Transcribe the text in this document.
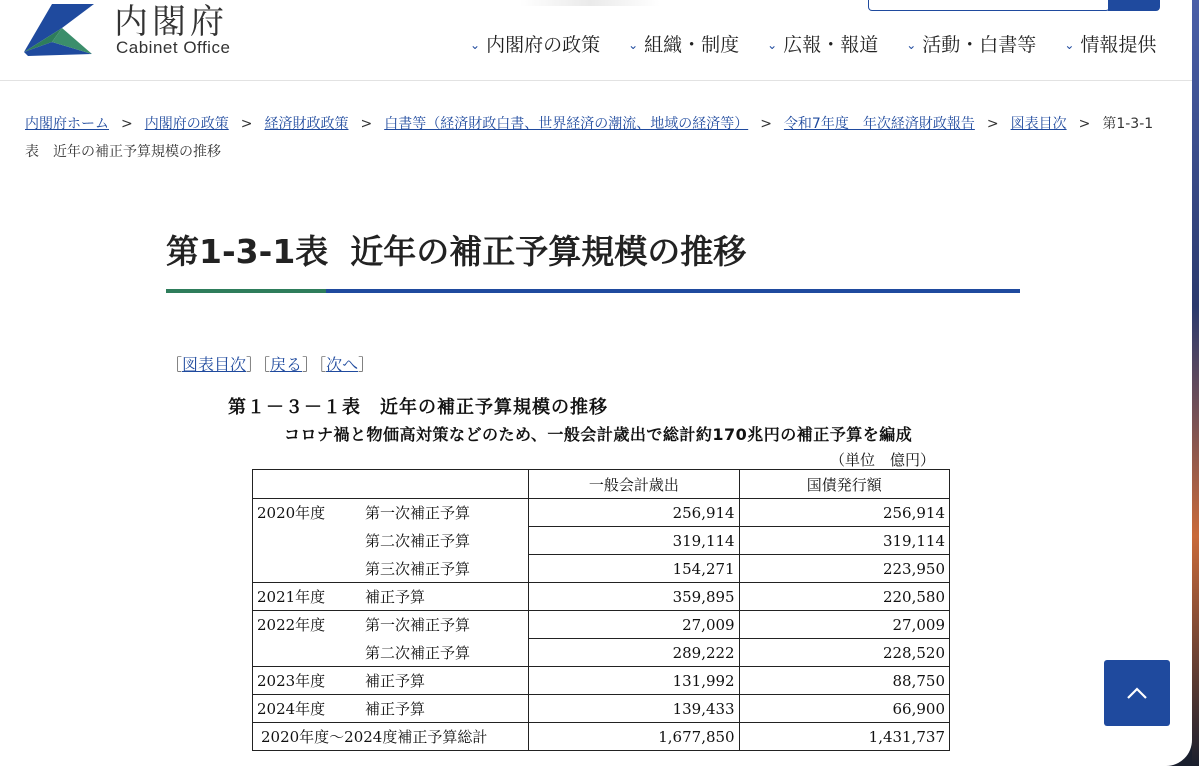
内閣府
Cabinet Office	⌄ 内閣府の政策 ⌄ 組織・制度 ⌄ 広報・報道 ⌄ 活動・白書等 ⌄ 情報提供
内閣府ホーム > 内閣府の政策 > 経済財政政策 > 白書等（経済財政白書、世界経済の潮流、地域の経済等） > 令和7年度　年次経済財政報告 > 図表目次 > 第1-3-1表　近年の補正予算規模の推移
第1-3-1表 近年の補正予算規模の推移
［図表目次］［戻る］［次へ］
第１－３－１表　近年の補正予算規模の推移
コロナ禍と物価高対策などのため、一般会計歳出で総計約170兆円の補正予算を編成
（単位　億円）
	一般会計歳出	国債発行額
2020年度 第一次補正予算	256,914	256,914
第二次補正予算	319,114	319,114
第三次補正予算	154,271	223,950
2021年度 補正予算	359,895	220,580
2022年度 第一次補正予算	27,009	27,009
第二次補正予算	289,222	228,520
2023年度 補正予算	131,992	88,750
2024年度 補正予算	139,433	66,900
2020年度～2024度補正予算総計	1,677,850	1,431,737
